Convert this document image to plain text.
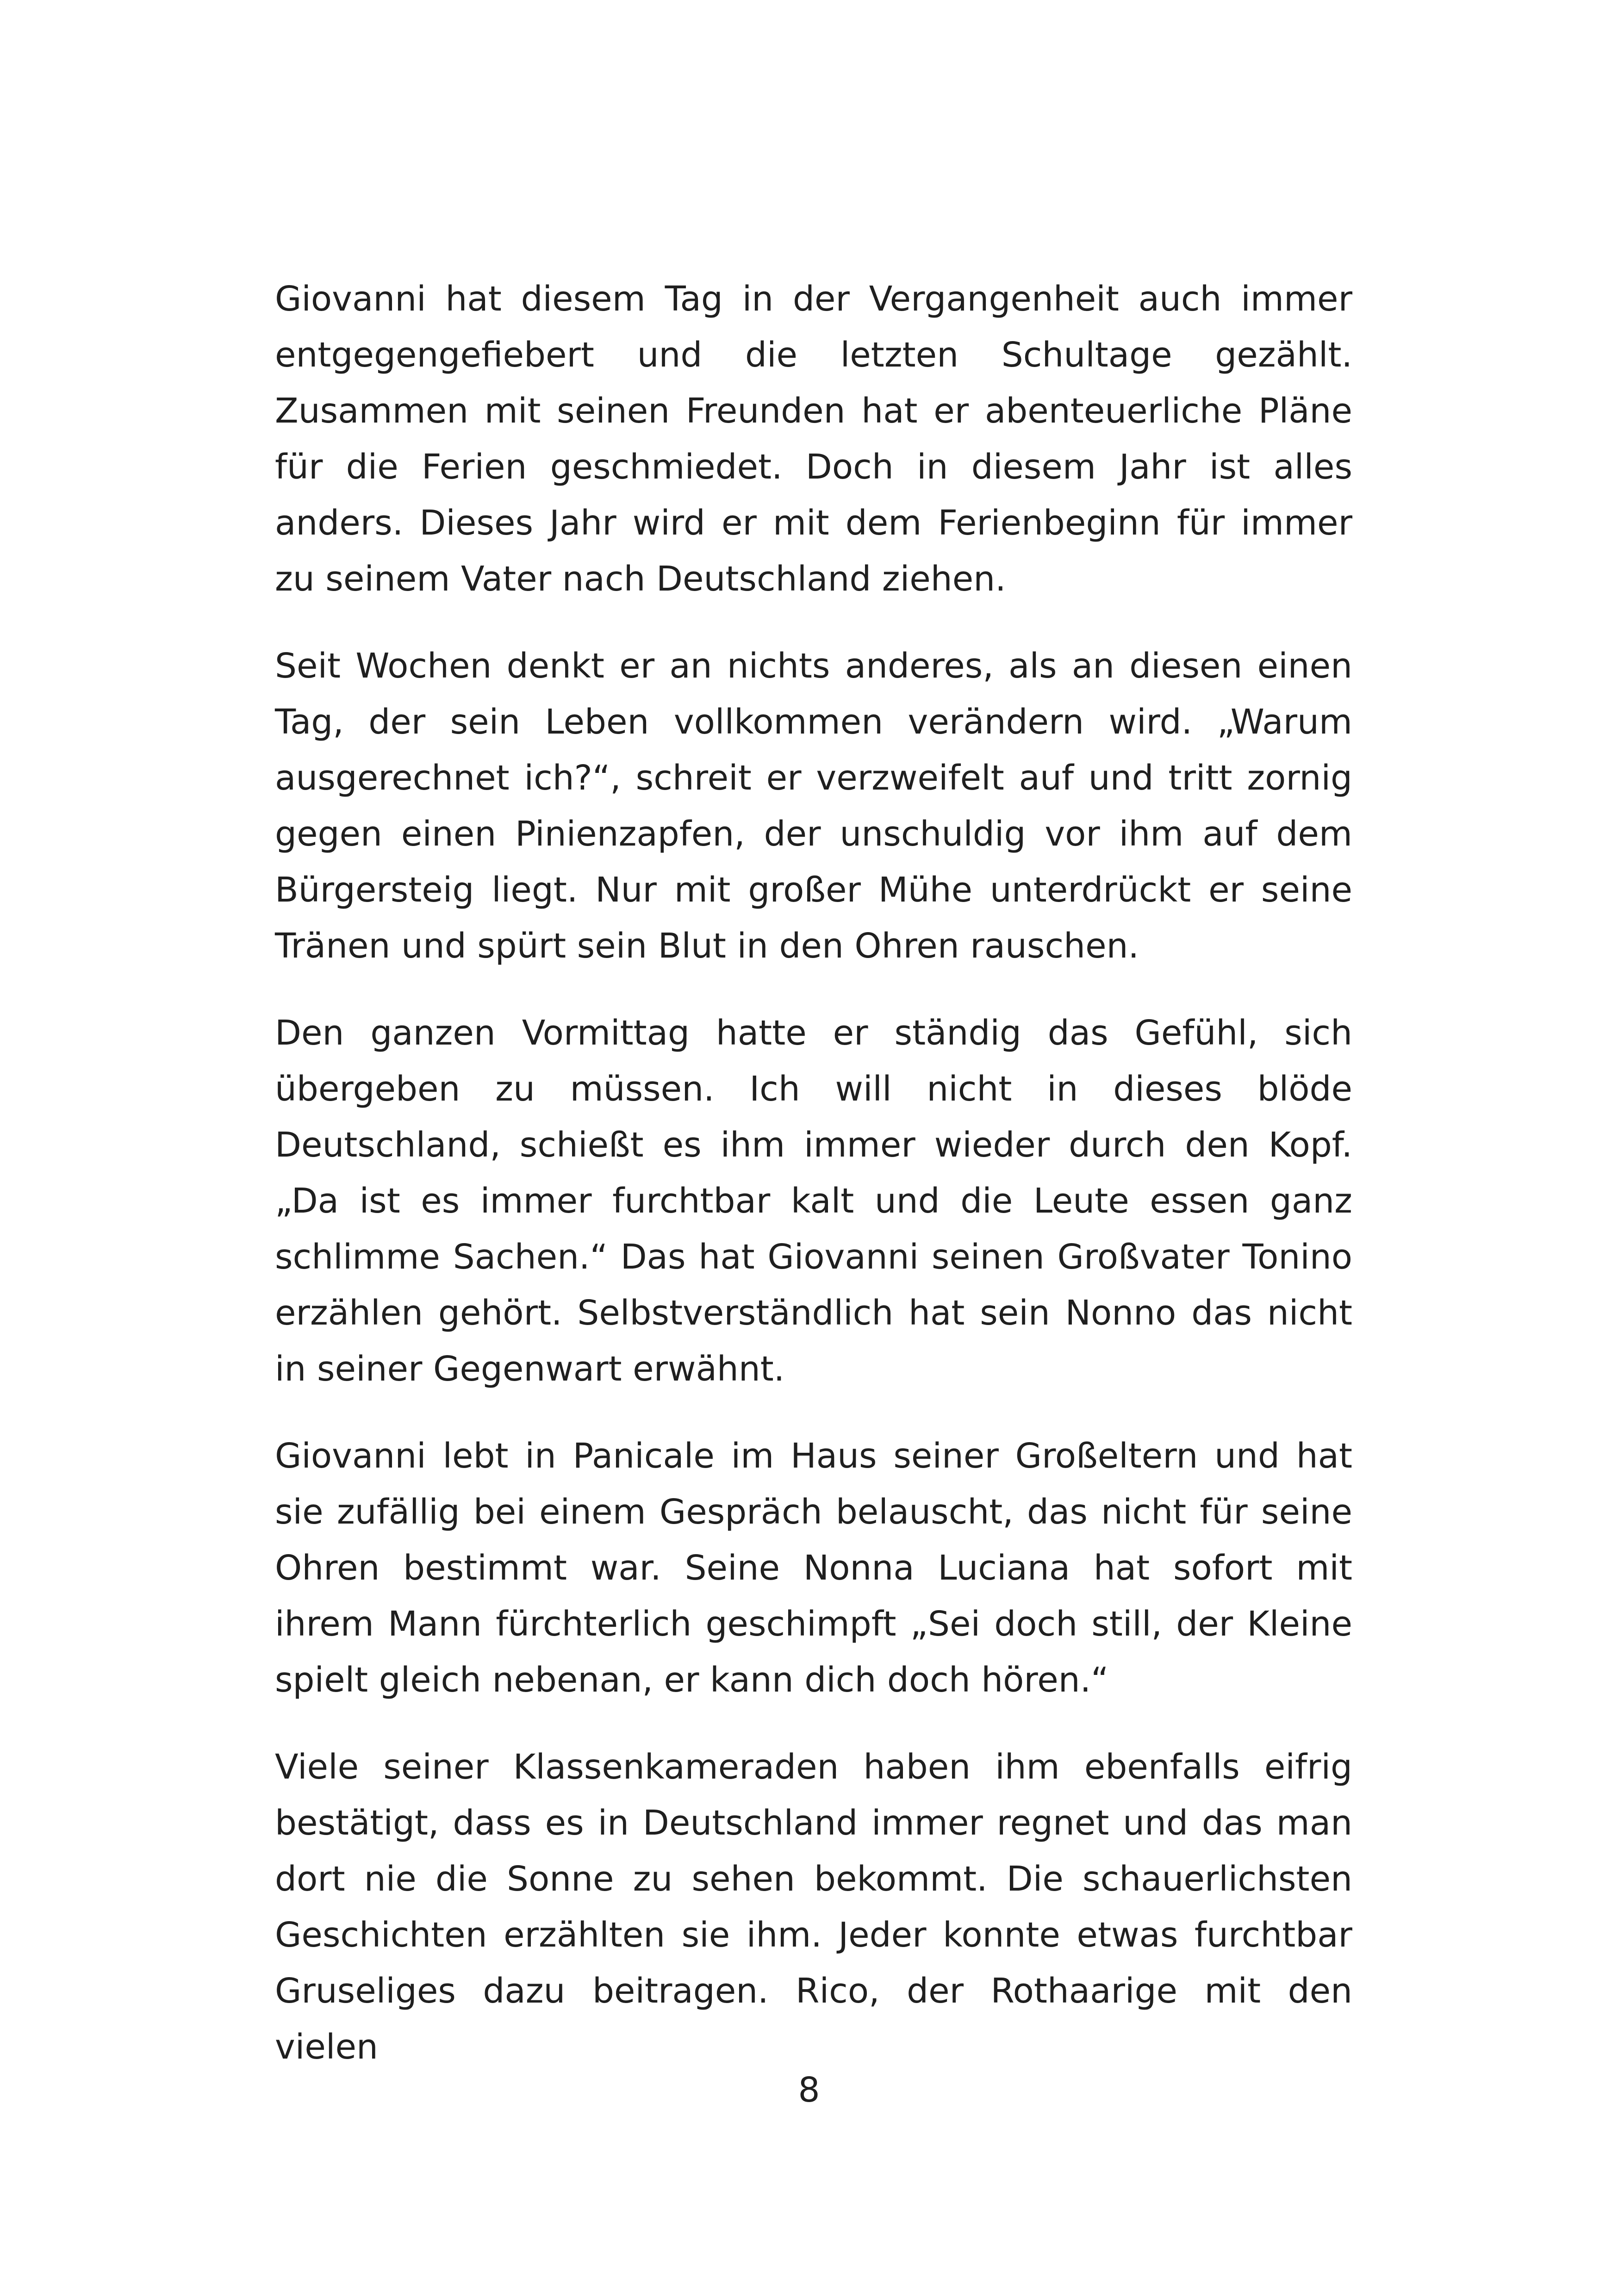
Giovanni hat diesem Tag in der Vergangenheit auch immer entgegengefiebert und die letzten Schultage gezählt. Zusammen mit seinen Freunden hat er abenteuerliche Pläne für die Ferien geschmiedet. Doch in diesem Jahr ist alles anders. Dieses Jahr wird er mit dem Ferienbeginn für immer zu seinem Vater nach Deutschland ziehen.

Seit Wochen denkt er an nichts anderes, als an diesen einen Tag, der sein Leben vollkommen verändern wird. „Warum ausgerechnet ich?“, schreit er verzweifelt auf und tritt zornig gegen einen Pinienzapfen, der unschuldig vor ihm auf dem Bürgersteig liegt. Nur mit großer Mühe unterdrückt er seine Tränen und spürt sein Blut in den Ohren rauschen.

Den ganzen Vormittag hatte er ständig das Gefühl, sich übergeben zu müssen. Ich will nicht in dieses blöde Deutschland, schießt es ihm immer wieder durch den Kopf. „Da ist es immer furchtbar kalt und die Leute essen ganz schlimme Sachen.“ Das hat Giovanni seinen Großvater Tonino erzählen gehört. Selbstverständlich hat sein Nonno das nicht in seiner Gegenwart erwähnt.

Giovanni lebt in Panicale im Haus seiner Großeltern und hat sie zufällig bei einem Gespräch belauscht, das nicht für seine Ohren bestimmt war. Seine Nonna Luciana hat sofort mit ihrem Mann fürchterlich geschimpft „Sei doch still, der Kleine spielt gleich nebenan, er kann dich doch hören.“

Viele seiner Klassenkameraden haben ihm ebenfalls eifrig bestätigt, dass es in Deutschland immer regnet und das man dort nie die Sonne zu sehen bekommt. Die schauerlichsten Geschichten erzählten sie ihm. Jeder konnte etwas furchtbar Gruseliges dazu beitragen. Rico, der Rothaarige mit den vielen

8
